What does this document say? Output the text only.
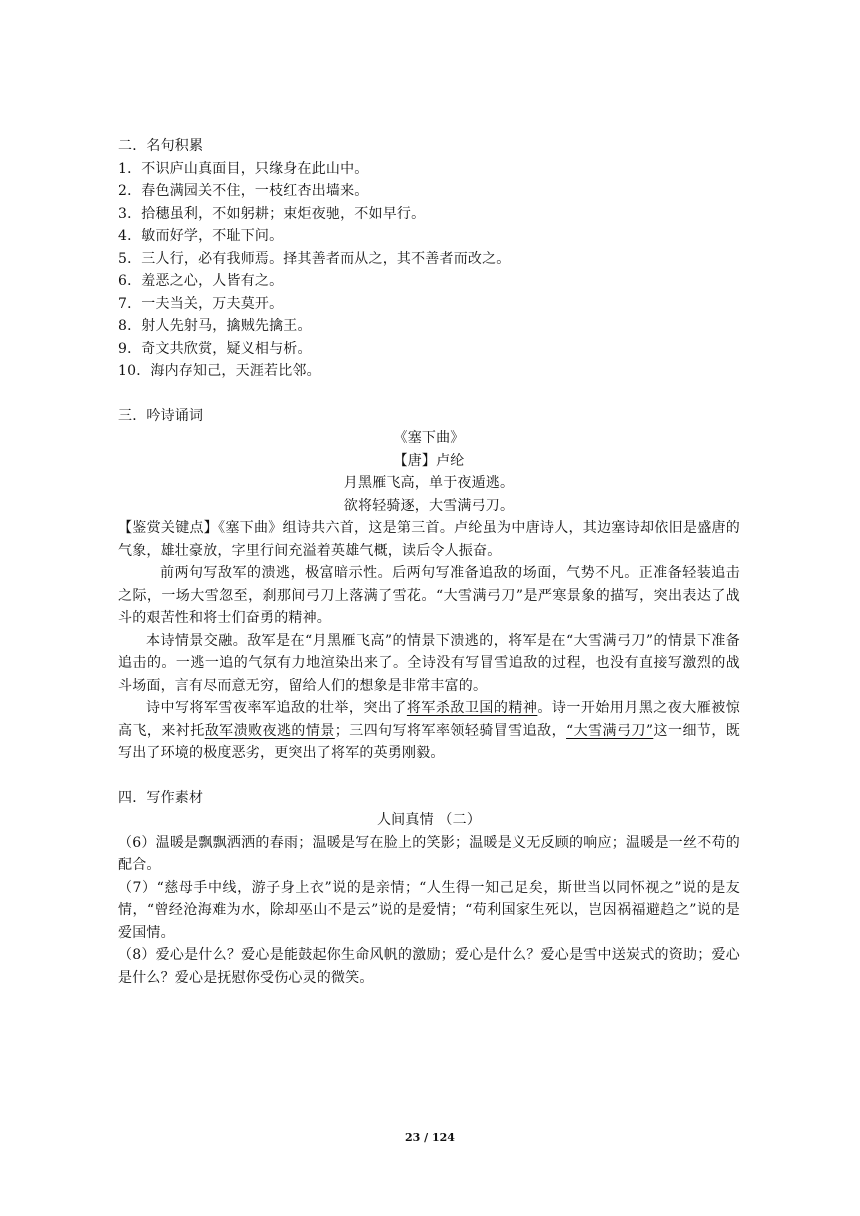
二．名句积累
1．不识庐山真面目，只缘身在此山中。
2．春色满园关不住，一枝红杏出墙来。
3．拾穗虽利，不如躬耕；束炬夜驰，不如早行。
4．敏而好学，不耻下问。
5．三人行，必有我师焉。择其善者而从之，其不善者而改之。
6．羞恶之心，人皆有之。
7．一夫当关，万夫莫开。
8．射人先射马，擒贼先擒王。
9．奇文共欣赏，疑义相与析。
10．海内存知己，天涯若比邻。
三．吟诗诵词
《塞下曲》
【唐】卢纶
月黑雁飞高，单于夜遁逃。
欲将轻骑逐，大雪满弓刀。
【鉴赏关键点】《塞下曲》组诗共六首，这是第三首。卢纶虽为中唐诗人，其边塞诗却依旧是盛唐的气象，雄壮豪放，字里行间充溢着英雄气概，读后令人振奋。
前两句写敌军的溃逃，极富暗示性。后两句写准备追敌的场面，气势不凡。正准备轻装追击之际，一场大雪忽至，刹那间弓刀上落满了雪花。“大雪满弓刀”是严寒景象的描写，突出表达了战斗的艰苦性和将士们奋勇的精神。
本诗情景交融。敌军是在“月黑雁飞高”的情景下溃逃的，将军是在“大雪满弓刀”的情景下准备追击的。一逃一追的气氛有力地渲染出来了。全诗没有写冒雪追敌的过程，也没有直接写激烈的战斗场面，言有尽而意无穷，留给人们的想象是非常丰富的。
诗中写将军雪夜率军追敌的壮举，突出了将军杀敌卫国的精神。诗一开始用月黑之夜大雁被惊高飞，来衬托敌军溃败夜逃的情景；三四句写将军率领轻骑冒雪追敌，“大雪满弓刀”这一细节，既写出了环境的极度恶劣，更突出了将军的英勇刚毅。
四．写作素材
人间真情 （二）
（6）温暖是飘飘洒洒的春雨；温暖是写在脸上的笑影；温暖是义无反顾的响应；温暖是一丝不苟的配合。
（7）“慈母手中线，游子身上衣”说的是亲情；“人生得一知己足矣，斯世当以同怀视之”说的是友情，“曾经沧海难为水，除却巫山不是云”说的是爱情；“苟利国家生死以，岂因祸福避趋之”说的是爱国情。
（8）爱心是什么？爱心是能鼓起你生命风帆的激励；爱心是什么？爱心是雪中送炭式的资助；爱心是什么？爱心是抚慰你受伤心灵的微笑。
23 / 124
